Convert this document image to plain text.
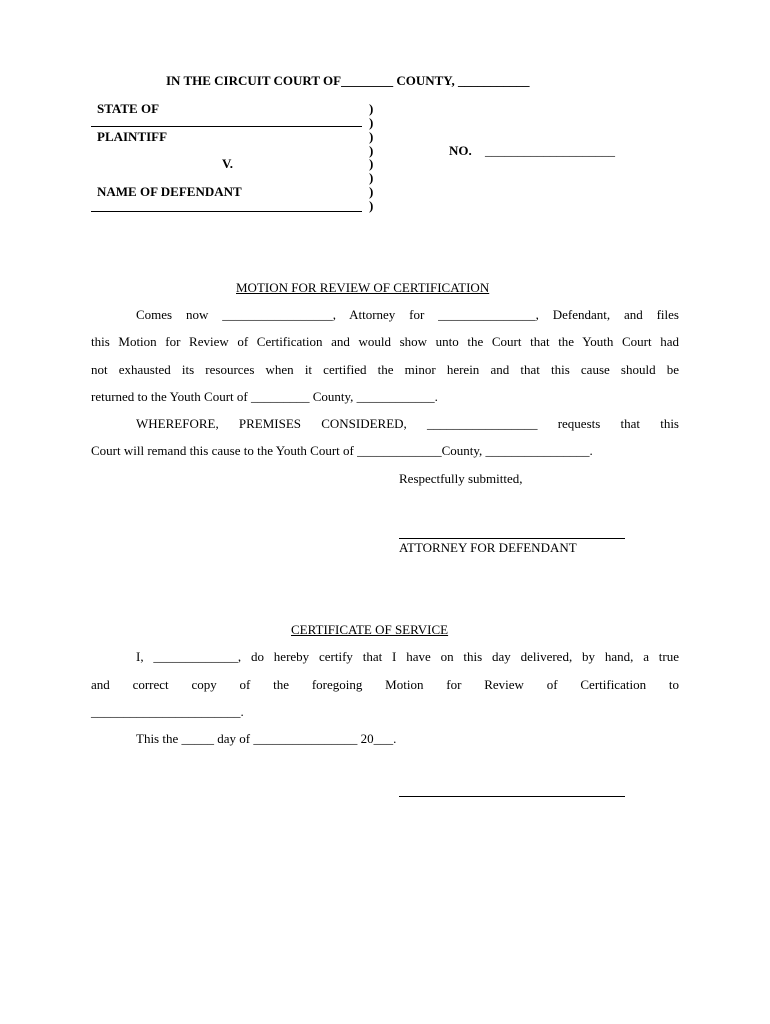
IN THE CIRCUIT COURT OF________ COUNTY, ___________
STATE OF
PLAINTIFF
V.
NAME OF DEFENDANT
)
)
)
)
)
)
)
)
NO. ____________________
MOTION FOR REVIEW OF CERTIFICATION
Comes now _________________, Attorney for _______________, Defendant, and files
this Motion for Review of Certification and would show unto the Court that the Youth Court had
not exhausted its resources when it certified the minor herein and that this cause should be
returned to the Youth Court of _________ County, ____________.
WHEREFORE, PREMISES CONSIDERED, _________________ requests that this
Court will remand this cause to the Youth Court of _____________County, ________________.
Respectfully submitted,
ATTORNEY FOR DEFENDANT
CERTIFICATE OF SERVICE
I, _____________, do hereby certify that I have on this day delivered, by hand, a true
and correct copy of the foregoing Motion for Review of Certification to
_______________________.
This the _____ day of ________________ 20___.
